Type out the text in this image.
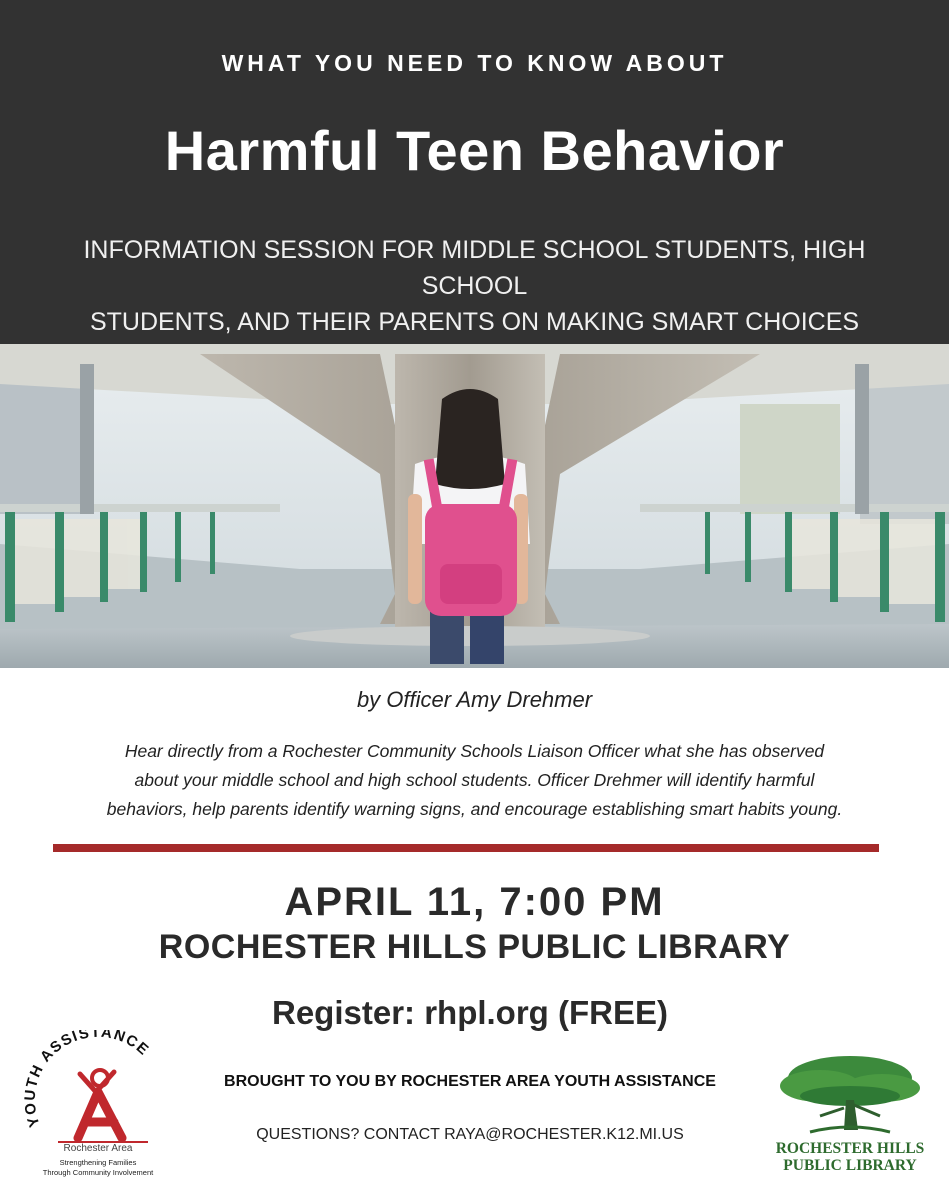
WHAT YOU NEED TO KNOW ABOUT
Harmful Teen Behavior
INFORMATION SESSION FOR MIDDLE SCHOOL STUDENTS, HIGH SCHOOL
STUDENTS, AND THEIR PARENTS ON MAKING SMART CHOICES
by Officer Amy Drehmer
Hear directly from a Rochester Community Schools Liaison Officer what she has observed
about your middle school and high school students. Officer Drehmer will identify harmful
behaviors, help parents identify warning signs, and encourage establishing smart habits young.
APRIL 11, 7:00 PM
ROCHESTER HILLS PUBLIC LIBRARY
Register: rhpl.org (FREE)
BROUGHT TO YOU BY ROCHESTER AREA YOUTH ASSISTANCE
QUESTIONS? CONTACT RAYA@ROCHESTER.K12.MI.US
YOUTH ASSISTANCE
Rochester Area
Strengthening Families
Through Community Involvement
ROCHESTER HILLS
PUBLIC LIBRARY
